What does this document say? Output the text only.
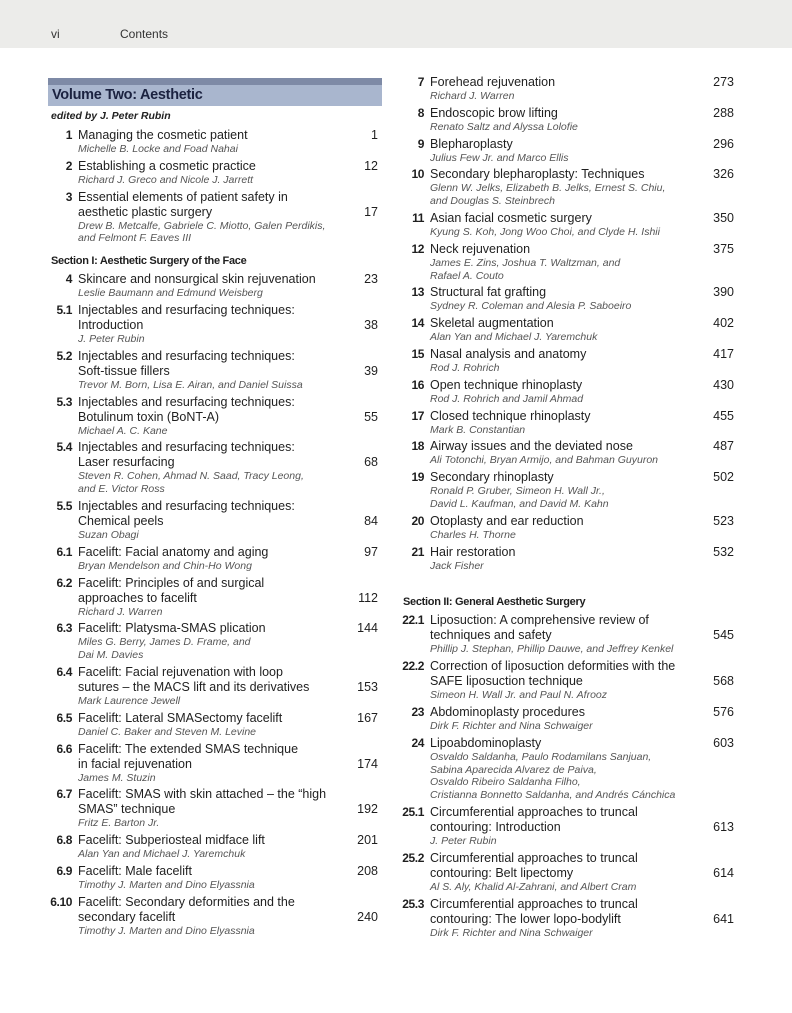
vi	Contents
Volume Two: Aesthetic
edited by J. Peter Rubin
1 Managing the cosmetic patient	1
Michelle B. Locke and Foad Nahai
2 Establishing a cosmetic practice	12
Richard J. Greco and Nicole J. Jarrett
3 Essential elements of patient safety in
aesthetic plastic surgery	17
Drew B. Metcalfe, Gabriele C. Miotto, Galen Perdikis,
and Felmont F. Eaves III
Section I: Aesthetic Surgery of the Face
4 Skincare and nonsurgical skin rejuvenation	23
Leslie Baumann and Edmund Weisberg
5.1 Injectables and resurfacing techniques:
Introduction	38
J. Peter Rubin
5.2 Injectables and resurfacing techniques:
Soft-tissue fillers	39
Trevor M. Born, Lisa E. Airan, and Daniel Suissa
5.3 Injectables and resurfacing techniques:
Botulinum toxin (BoNT-A)	55
Michael A. C. Kane
5.4 Injectables and resurfacing techniques:
Laser resurfacing	68
Steven R. Cohen, Ahmad N. Saad, Tracy Leong,
and E. Victor Ross
5.5 Injectables and resurfacing techniques:
Chemical peels	84
Suzan Obagi
6.1 Facelift: Facial anatomy and aging	97
Bryan Mendelson and Chin-Ho Wong
6.2 Facelift: Principles of and surgical
approaches to facelift	112
Richard J. Warren
6.3 Facelift: Platysma-SMAS plication	144
Miles G. Berry, James D. Frame, and
Dai M. Davies
6.4 Facelift: Facial rejuvenation with loop
sutures – the MACS lift and its derivatives	153
Mark Laurence Jewell
6.5 Facelift: Lateral SMASectomy facelift	167
Daniel C. Baker and Steven M. Levine
6.6 Facelift: The extended SMAS technique
in facial rejuvenation	174
James M. Stuzin
6.7 Facelift: SMAS with skin attached – the “high
SMAS” technique	192
Fritz E. Barton Jr.
6.8 Facelift: Subperiosteal midface lift	201
Alan Yan and Michael J. Yaremchuk
6.9 Facelift: Male facelift	208
Timothy J. Marten and Dino Elyassnia
6.10 Facelift: Secondary deformities and the
secondary facelift	240
Timothy J. Marten and Dino Elyassnia
7 Forehead rejuvenation	273
Richard J. Warren
8 Endoscopic brow lifting	288
Renato Saltz and Alyssa Lolofie
9 Blepharoplasty	296
Julius Few Jr. and Marco Ellis
10 Secondary blepharoplasty: Techniques	326
Glenn W. Jelks, Elizabeth B. Jelks, Ernest S. Chiu,
and Douglas S. Steinbrech
11 Asian facial cosmetic surgery	350
Kyung S. Koh, Jong Woo Choi, and Clyde H. Ishii
12 Neck rejuvenation	375
James E. Zins, Joshua T. Waltzman, and
Rafael A. Couto
13 Structural fat grafting	390
Sydney R. Coleman and Alesia P. Saboeiro
14 Skeletal augmentation	402
Alan Yan and Michael J. Yaremchuk
15 Nasal analysis and anatomy	417
Rod J. Rohrich
16 Open technique rhinoplasty	430
Rod J. Rohrich and Jamil Ahmad
17 Closed technique rhinoplasty	455
Mark B. Constantian
18 Airway issues and the deviated nose	487
Ali Totonchi, Bryan Armijo, and Bahman Guyuron
19 Secondary rhinoplasty	502
Ronald P. Gruber, Simeon H. Wall Jr.,
David L. Kaufman, and David M. Kahn
20 Otoplasty and ear reduction	523
Charles H. Thorne
21 Hair restoration	532
Jack Fisher
Section II: General Aesthetic Surgery
22.1 Liposuction: A comprehensive review of
techniques and safety	545
Phillip J. Stephan, Phillip Dauwe, and Jeffrey Kenkel
22.2 Correction of liposuction deformities with the
SAFE liposuction technique	568
Simeon H. Wall Jr. and Paul N. Afrooz
23 Abdominoplasty procedures	576
Dirk F. Richter and Nina Schwaiger
24 Lipoabdominoplasty	603
Osvaldo Saldanha, Paulo Rodamilans Sanjuan,
Sabina Aparecida Alvarez de Paiva,
Osvaldo Ribeiro Saldanha Filho,
Cristianna Bonnetto Saldanha, and Andrés Cánchica
25.1 Circumferential approaches to truncal
contouring: Introduction	613
J. Peter Rubin
25.2 Circumferential approaches to truncal
contouring: Belt lipectomy	614
Al S. Aly, Khalid Al-Zahrani, and Albert Cram
25.3 Circumferential approaches to truncal
contouring: The lower lopo-bodylift	641
Dirk F. Richter and Nina Schwaiger
